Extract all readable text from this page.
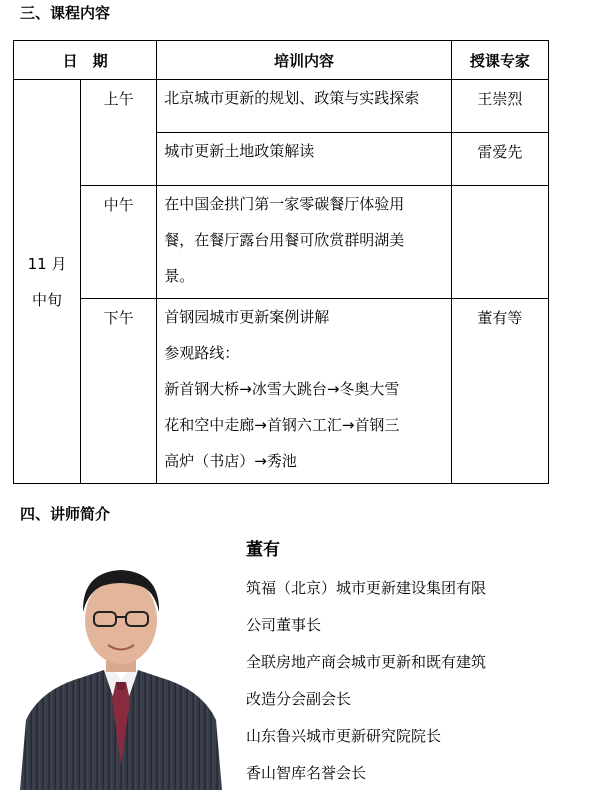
三、课程内容
日　期		培训内容	授课专家

11 月
中旬	上午	北京城市更新的规划、政策与实践探索	王崇烈

		城市更新土地政策解读	雷爱先
	中午	在中国金拱门第一家零碳餐厅体验用
餐，在餐厅露台用餐可欣赏群明湖美
景。	

	下午	首钢园城市更新案例讲解
参观路线：
新首钢大桥→冰雪大跳台→冬奥大雪
花和空中走廊→首钢六工汇→首钢三
高炉（书店）→秀池	董有等
四、讲师简介

董有

筑福（北京）城市更新建设集团有限

公司董事长

全联房地产商会城市更新和既有建筑

改造分会副会长

山东鲁兴城市更新研究院院长

香山智库名誉会长
